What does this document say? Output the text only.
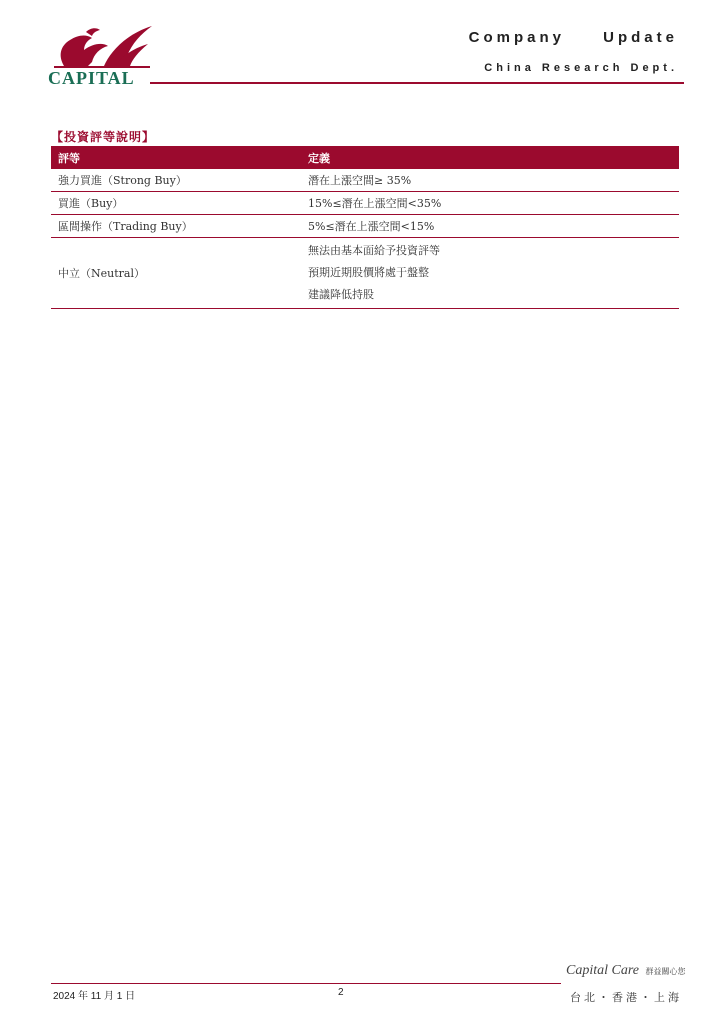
CAPITAL
Company Update
China Research Dept.
【投資評等說明】
評等	定義
強力買進（Strong Buy）	潛在上漲空間≥ 35%
買進（Buy）	15%≤潛在上漲空間<35%
區間操作（Trading Buy）	5%≤潛在上漲空間<15%
中立（Neutral）	無法由基本面給予投資評等
預期近期股價將處于盤整
建議降低持股
2024 年 11 月 1 日	2
Capital Care 群益關心您
台北・香港・上海
